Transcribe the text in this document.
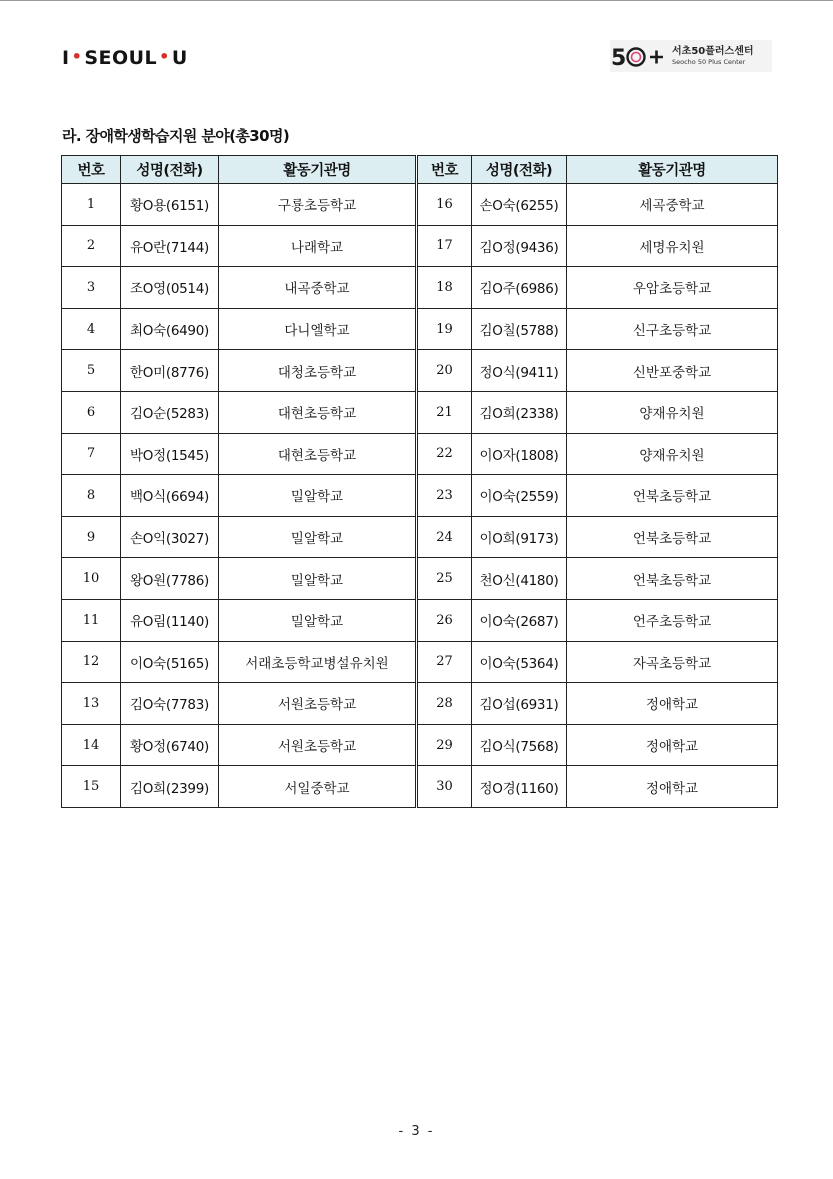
I • SEOUL • U	5	서초50플러스센터
Seocho 50 Plus Center
라. 장애학생학습지원 분야(총30명)
번호	성명(전화)	활동기관명	번호	성명(전화)	활동기관명
1	황O용(6151)	구룡초등학교	16	손O숙(6255)	세곡중학교
2	유O란(7144)	나래학교	17	김O정(9436)	세명유치원
3	조O영(0514)	내곡중학교	18	김O주(6986)	우암초등학교
4	최O숙(6490)	다니엘학교	19	김O칠(5788)	신구초등학교
5	한O미(8776)	대청초등학교	20	정O식(9411)	신반포중학교
6	김O순(5283)	대현초등학교	21	김O희(2338)	양재유치원
7	박O정(1545)	대현초등학교	22	이O자(1808)	양재유치원
8	백O식(6694)	밀알학교	23	이O숙(2559)	언북초등학교
9	손O익(3027)	밀알학교	24	이O희(9173)	언북초등학교
10	왕O원(7786)	밀알학교	25	천O신(4180)	언북초등학교
11	유O림(1140)	밀알학교	26	이O숙(2687)	언주초등학교
12	이O숙(5165)	서래초등학교병설유치원	27	이O숙(5364)	자곡초등학교
13	김O숙(7783)	서원초등학교	28	김O섭(6931)	정애학교
14	황O정(6740)	서원초등학교	29	김O식(7568)	정애학교
15	김O희(2399)	서일중학교	30	정O경(1160)	정애학교
- 3 -
